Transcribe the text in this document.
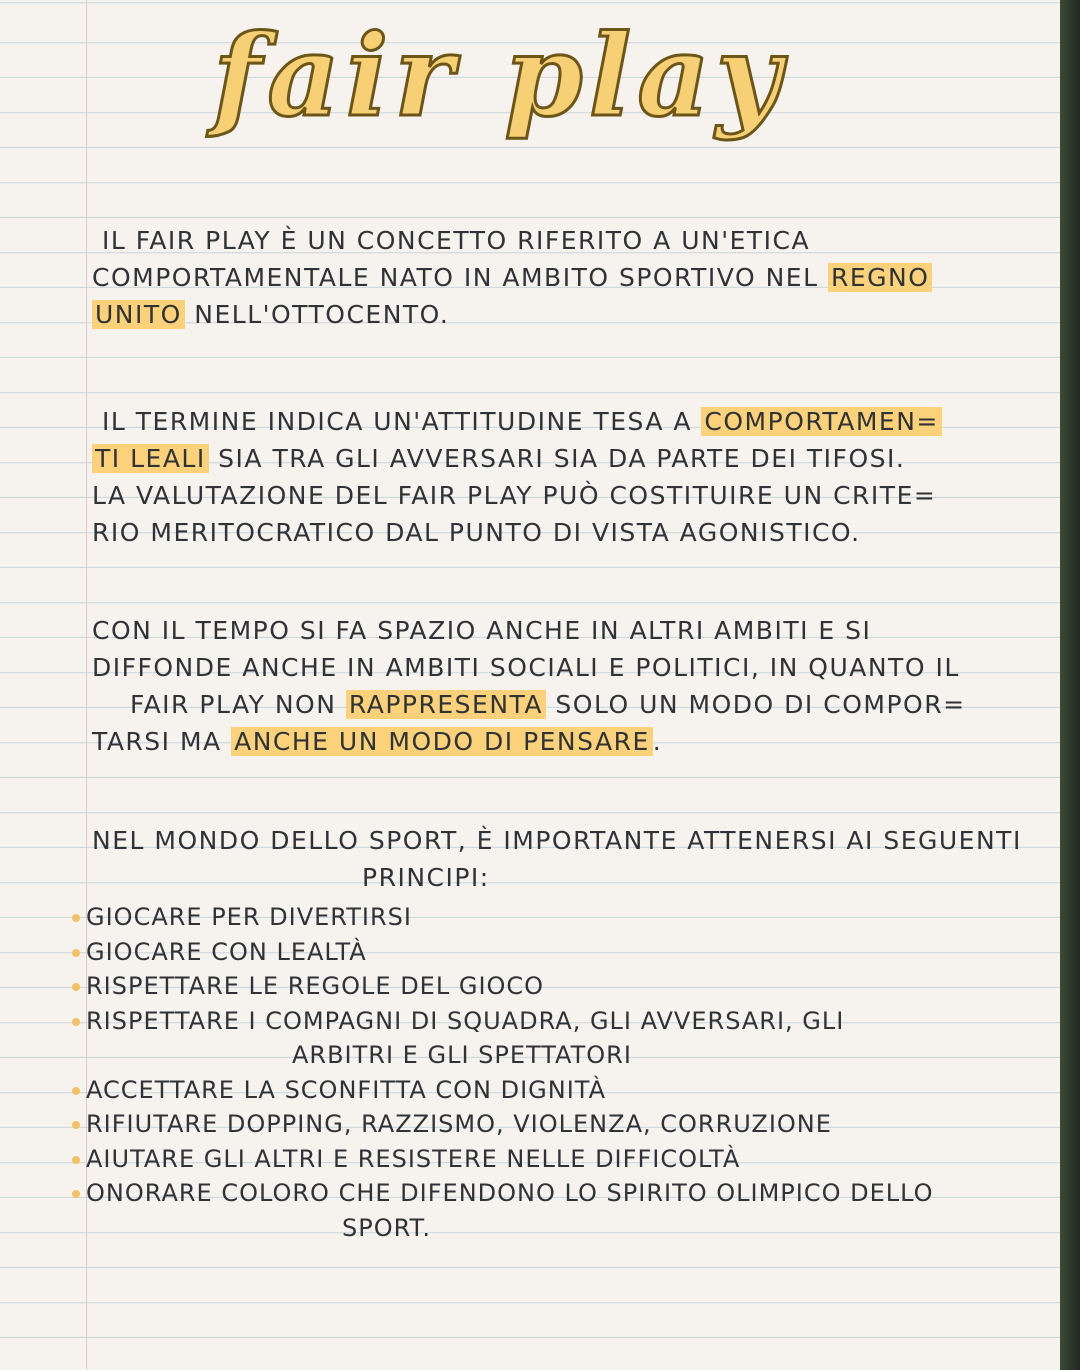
fair play
IL FAIR PLAY È UN CONCETTO RIFERITO A UN'ETICA
COMPORTAMENTALE NATO IN AMBITO SPORTIVO NEL REGNO
UNITO NELL'OTTOCENTO.
IL TERMINE INDICA UN'ATTITUDINE TESA A COMPORTAMEN=
TI LEALI SIA TRA GLI AVVERSARI SIA DA PARTE DEI TIFOSI.
LA VALUTAZIONE DEL FAIR PLAY PUÒ COSTITUIRE UN CRITE=
RIO MERITOCRATICO DAL PUNTO DI VISTA AGONISTICO.
CON IL TEMPO SI FA SPAZIO ANCHE IN ALTRI AMBITI E SI
DIFFONDE ANCHE IN AMBITI SOCIALI E POLITICI, IN QUANTO IL
FAIR PLAY NON RAPPRESENTA SOLO UN MODO DI COMPOR=
TARSI MA ANCHE UN MODO DI PENSARE .
NEL MONDO DELLO SPORT, È IMPORTANTE ATTENERSI AI SEGUENTI
PRINCIPI:
GIOCARE PER DIVERTIRSI
GIOCARE CON LEALTÀ
RISPETTARE LE REGOLE DEL GIOCO
RISPETTARE I COMPAGNI DI SQUADRA, GLI AVVERSARI, GLI
ARBITRI E GLI SPETTATORI
ACCETTARE LA SCONFITTA CON DIGNITÀ
RIFIUTARE DOPPING, RAZZISMO, VIOLENZA, CORRUZIONE
AIUTARE GLI ALTRI E RESISTERE NELLE DIFFICOLTÀ
ONORARE COLORO CHE DIFENDONO LO SPIRITO OLIMPICO DELLO
SPORT.
